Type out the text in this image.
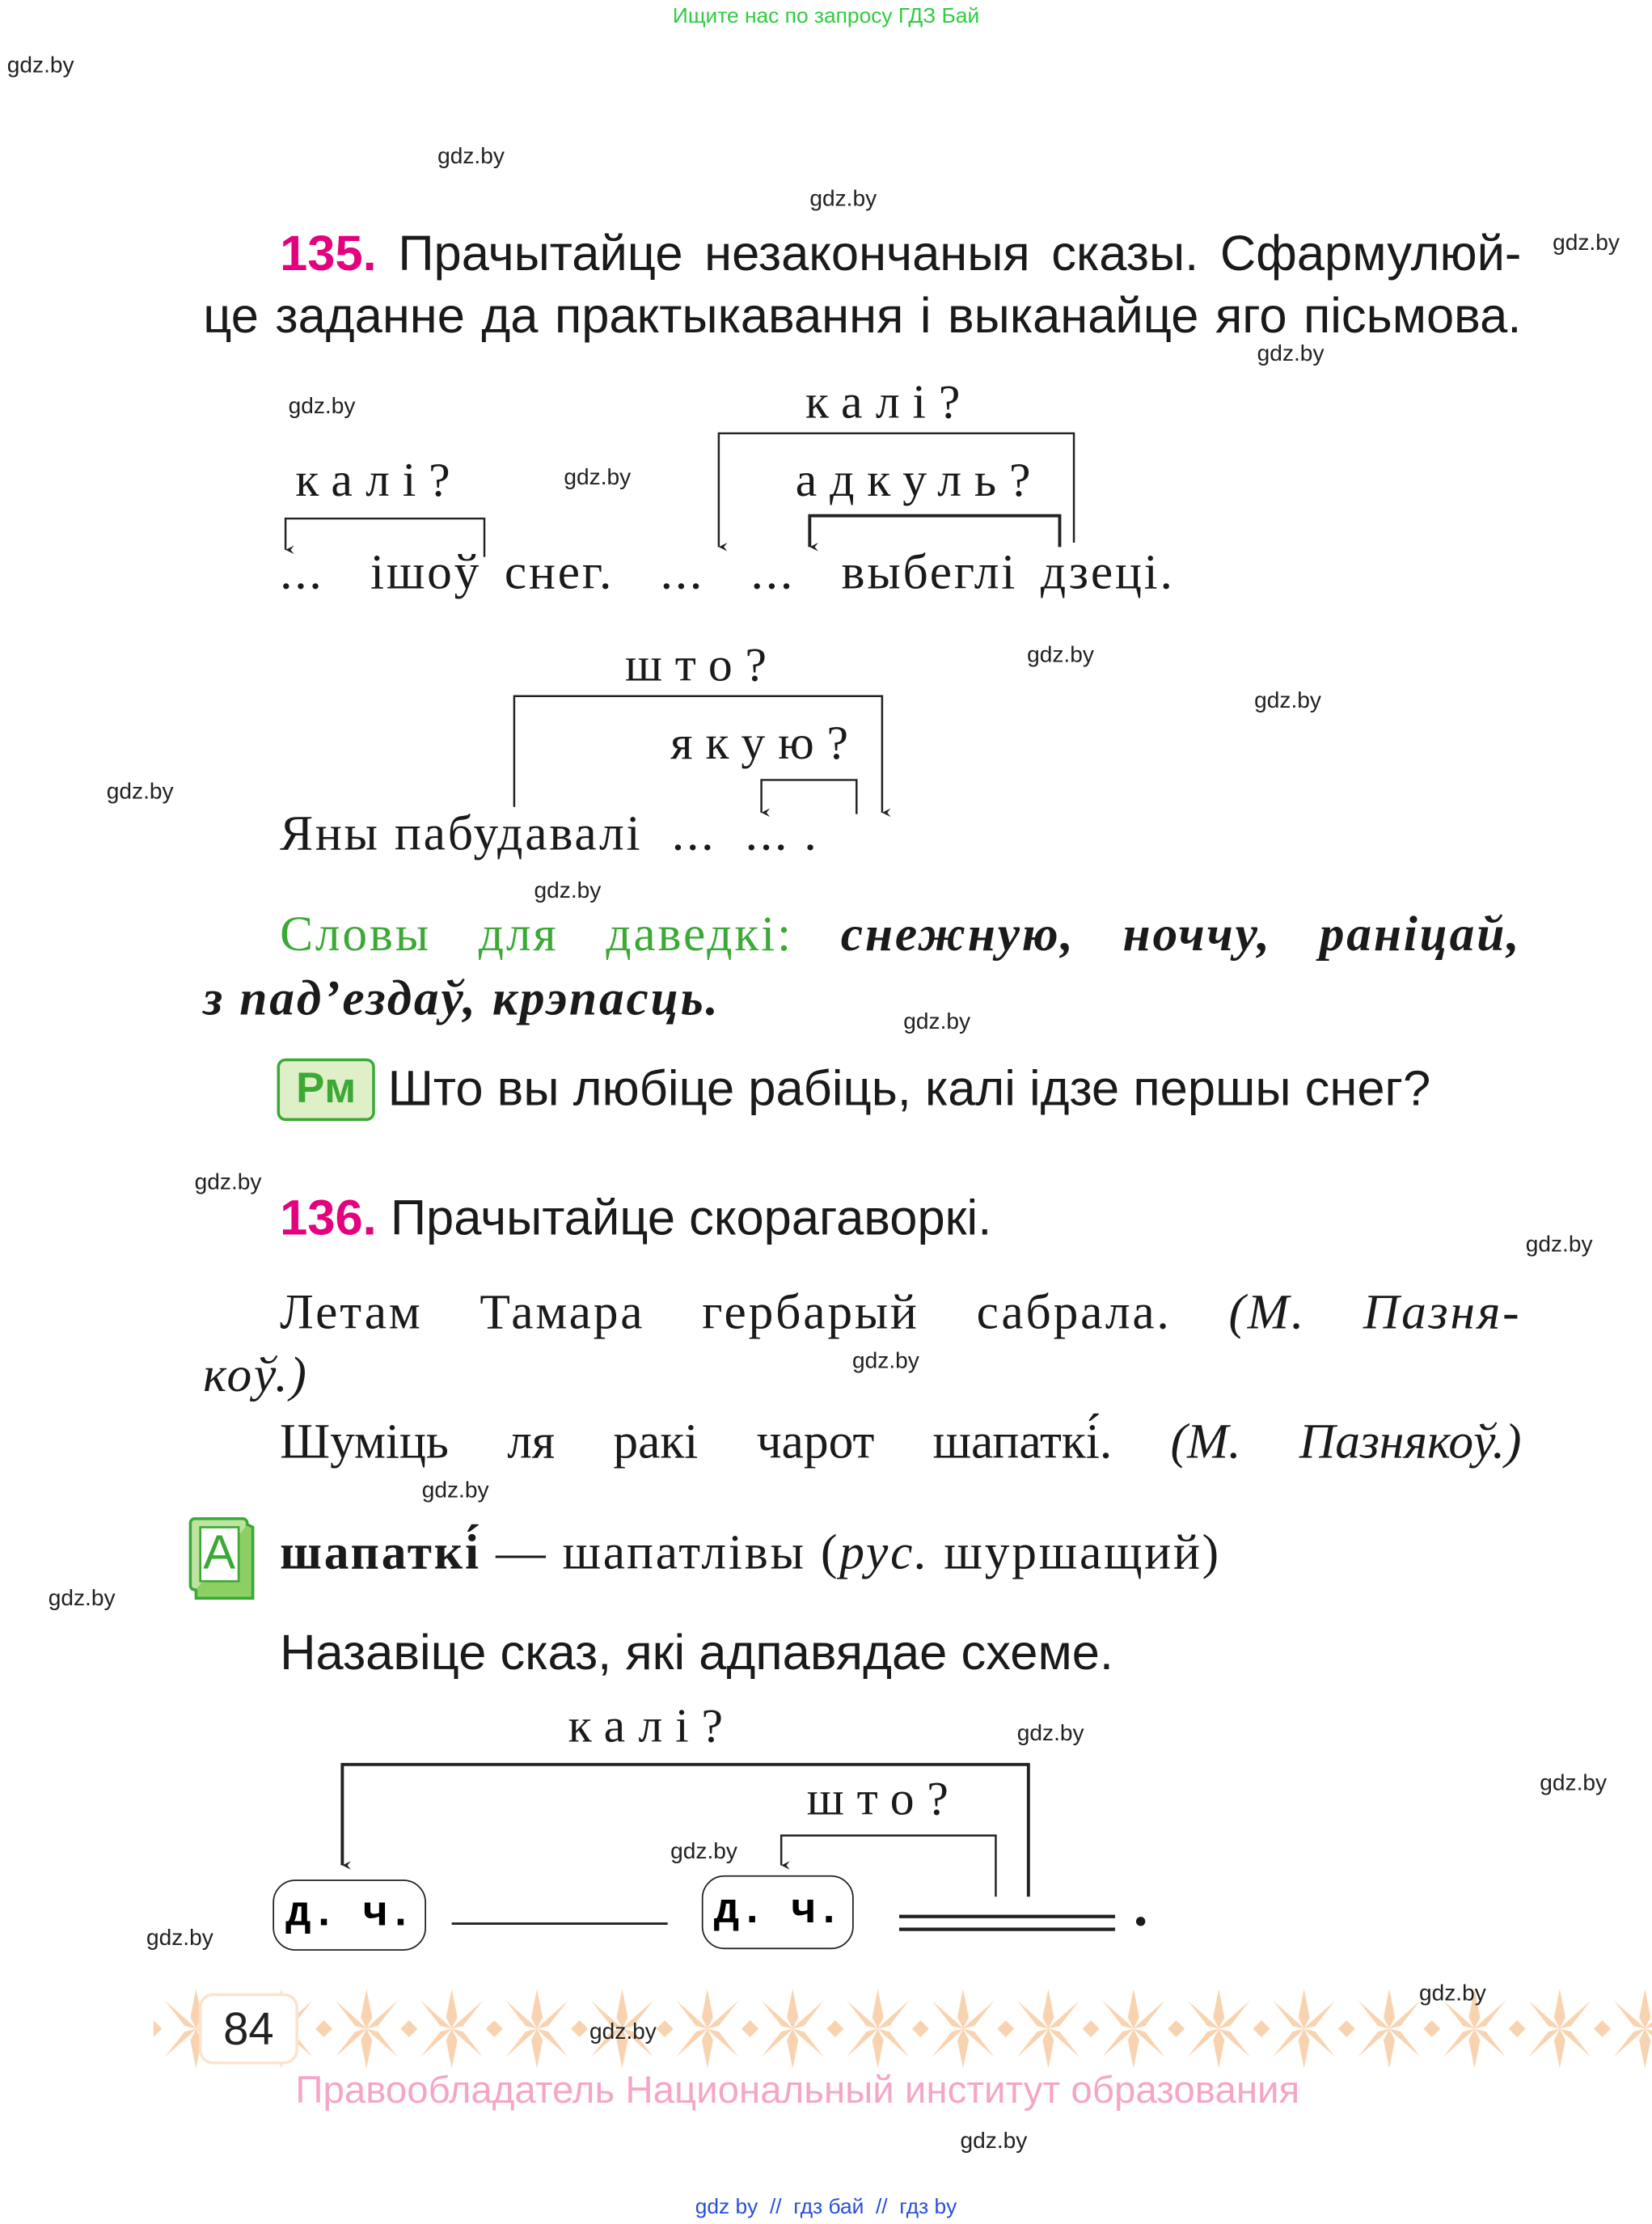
Ищите нас по запросу ГДЗ Бай
135. Прачытайце незакончаныя сказы. Сфармулюй-
це заданне да практыкавання і выканайце яго пісьмова.
калі?
калі?
адкуль?
...  ішоў снег.  ...  ...  выбеглі дзеці.
што?
якую?
Яны пабудавалі  ...  ... .
Словы для даведкі: снежную, ноччу, раніцай,
з пад’ездаў, крэпасць.
Рм Што вы любіце рабіць, калі ідзе першы снег?
136. Прачытайце скорагаворкі.
Летам Тамара гербарый сабрала. (М. Пазня-
коў.)
Шуміць ля ракі чарот шапаткі́. (М. Пазнякоў.)
А шапаткі́ — шапатлівы (рус. шуршащий)
Назавіце сказ, які адпавядае схеме.
калі?
што?
д. ч.	д. ч.	.
84
Правообладатель Национальный институт образования
gdz by  //  гдз бай  //  гдз by
gdz.by
gdz.by
gdz.by
gdz.by
gdz.by
gdz.by
gdz.by
gdz.by
gdz.by
gdz.by
gdz.by
gdz.by
gdz.by
gdz.by
gdz.by
gdz.by
gdz.by
gdz.by
gdz.by
gdz.by
gdz.by
gdz.by
gdz.by
gdz.by
